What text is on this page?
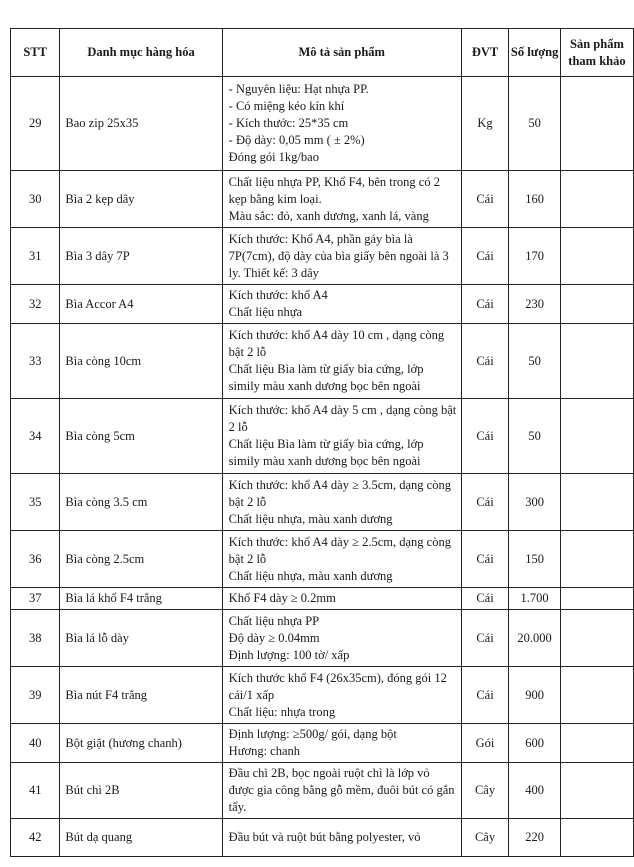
STT	Danh mục hàng hóa	Mô tả sản phẩm	ĐVT	Số lượng	Sản phẩm tham khảo
29	Bao zip 25x35	- Nguyên liệu: Hạt nhựa PP.
- Có miệng kéo kín khí
- Kích thước: 25*35 cm
- Độ dày: 0,05 mm ( ± 2%)
Đóng gói 1kg/bao	Kg	50	
30	Bìa 2 kẹp dây	Chất liệu nhựa PP, Khổ F4, bên trong có 2 kẹp bằng kim loại.
Màu sắc: đỏ, xanh dương, xanh lá, vàng	Cái	160	
31	Bìa 3 dây 7P	Kích thước: Khổ A4, phần gáy bìa là 7P(7cm), độ dày của bìa giấy bên ngoài là 3 ly. Thiết kế: 3 dây	Cái	170	
32	Bìa Accor A4	Kích thước: khổ A4
Chất liệu nhựa	Cái	230	
33	Bìa còng 10cm	Kích thước: khổ A4 dày 10 cm , dạng còng bật 2 lỗ
Chất liệu Bìa làm từ giấy bìa cứng, lớp simily màu xanh dương bọc bên ngoài	Cái	50	
34	Bìa còng 5cm	Kích thước: khổ A4 dày 5 cm , dạng còng bật 2 lỗ
Chất liệu Bìa làm từ giấy bìa cứng, lớp simily màu xanh dương bọc bên ngoài	Cái	50	
35	Bìa còng 3.5 cm	Kích thước: khổ A4 dày ≥ 3.5cm, dạng còng bật 2 lỗ
Chất liệu nhựa, màu xanh dương	Cái	300	
36	Bìa còng 2.5cm	Kích thước: khổ A4 dày ≥ 2.5cm, dạng còng bật 2 lỗ
Chất liệu nhựa, màu xanh dương	Cái	150	
37	Bìa lá khổ F4 trắng	Khổ F4 dày ≥ 0.2mm	Cái	1.700	
38	Bìa lá lỗ dày	Chất liệu nhựa PP
Độ dày ≥ 0.04mm
Định lượng: 100 tờ/ xấp	Cái	20.000	
39	Bìa nút F4 trắng	Kích thước khổ F4 (26x35cm), đóng gói 12 cái/1 xấp
Chất liệu: nhựa trong	Cái	900	
40	Bột giặt (hương chanh)	Định lượng: ≥500g/ gói, dạng bột
Hương: chanh	Gói	600	
41	Bút chì 2B	Đầu chì 2B, bọc ngoài ruột chì là lớp vỏ được gia công bằng gỗ mềm, đuôi bút có gắn tẩy.	Cây	400	
42	Bút dạ quang	Đầu bút và ruột bút bằng polyester, vỏ	Cây	220	
